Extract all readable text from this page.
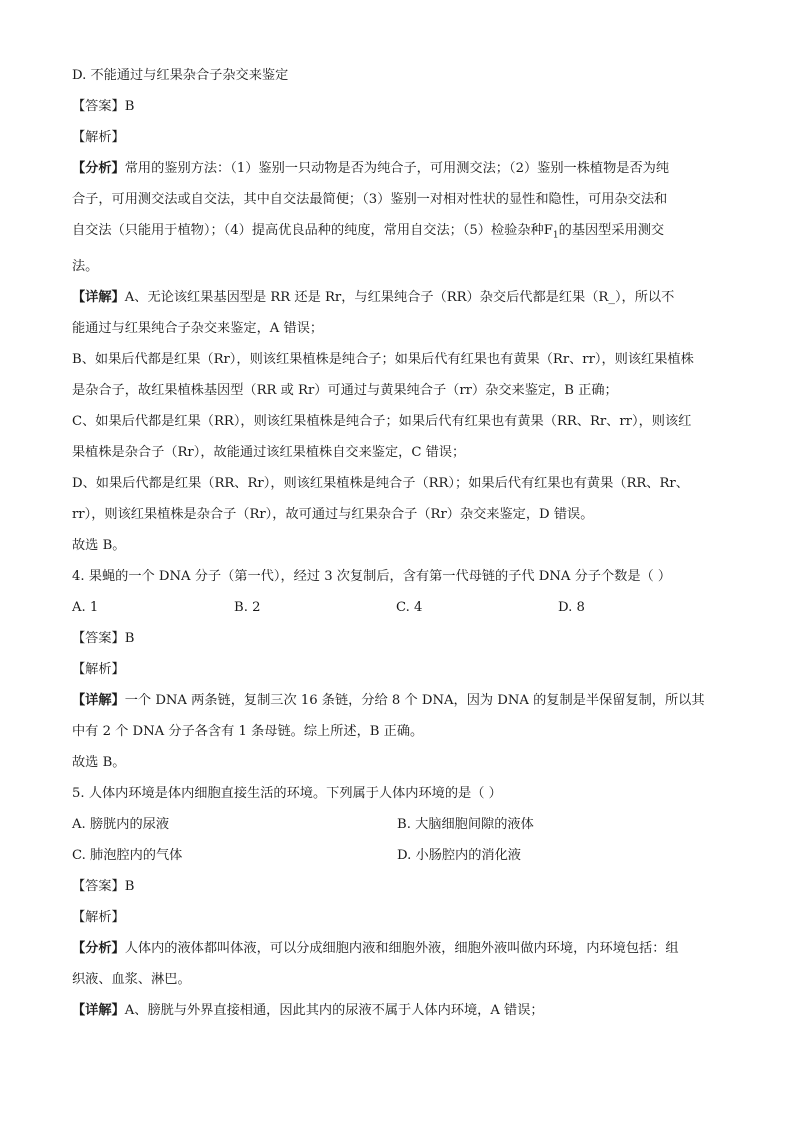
D. 不能通过与红果杂合子杂交来鉴定
【答案】B
【解析】
【分析】常用的鉴别方法：（1）鉴别一只动物是否为纯合子，可用测交法；（2）鉴别一株植物是否为纯
合子，可用测交法或自交法，其中自交法最简便；（3）鉴别一对相对性状的显性和隐性，可用杂交法和
自交法（只能用于植物）；（4）提高优良品种的纯度，常用自交法；（5）检验杂种$F_1$的基因型采用测交
法。
【详解】A、无论该红果基因型是 RR 还是 Rr，与红果纯合子（RR）杂交后代都是红果（R_），所以不
能通过与红果纯合子杂交来鉴定，A 错误；
B、如果后代都是红果（Rr），则该红果植株是纯合子；如果后代有红果也有黄果（Rr、rr），则该红果植株
是杂合子，故红果植株基因型（RR 或 Rr）可通过与黄果纯合子（rr）杂交来鉴定，B 正确；
C、如果后代都是红果（RR），则该红果植株是纯合子；如果后代有红果也有黄果（RR、Rr、rr），则该红
果植株是杂合子（Rr），故能通过该红果植株自交来鉴定，C 错误；
D、如果后代都是红果（RR、Rr），则该红果植株是纯合子（RR）；如果后代有红果也有黄果（RR、Rr、
rr），则该红果植株是杂合子（Rr），故可通过与红果杂合子（Rr）杂交来鉴定，D 错误。
故选 B。
4. 果蝇的一个 DNA 分子（第一代），经过 3 次复制后，含有第一代母链的子代 DNA 分子个数是（ ）
A. 1	B. 2	C. 4	D. 8
【答案】B
【解析】
【详解】一个 DNA 两条链，复制三次 16 条链，分给 8 个 DNA，因为 DNA 的复制是半保留复制，所以其
中有 2 个 DNA 分子各含有 1 条母链。综上所述，B 正确。
故选 B。
5. 人体内环境是体内细胞直接生活的环境。下列属于人体内环境的是（ ）
A. 膀胱内的尿液	B. 大脑细胞间隙的液体
C. 肺泡腔内的气体	D. 小肠腔内的消化液
【答案】B
【解析】
【分析】人体内的液体都叫体液，可以分成细胞内液和细胞外液，细胞外液叫做内环境，内环境包括：组
织液、血浆、淋巴。
【详解】A、膀胱与外界直接相通，因此其内的尿液不属于人体内环境，A 错误；
